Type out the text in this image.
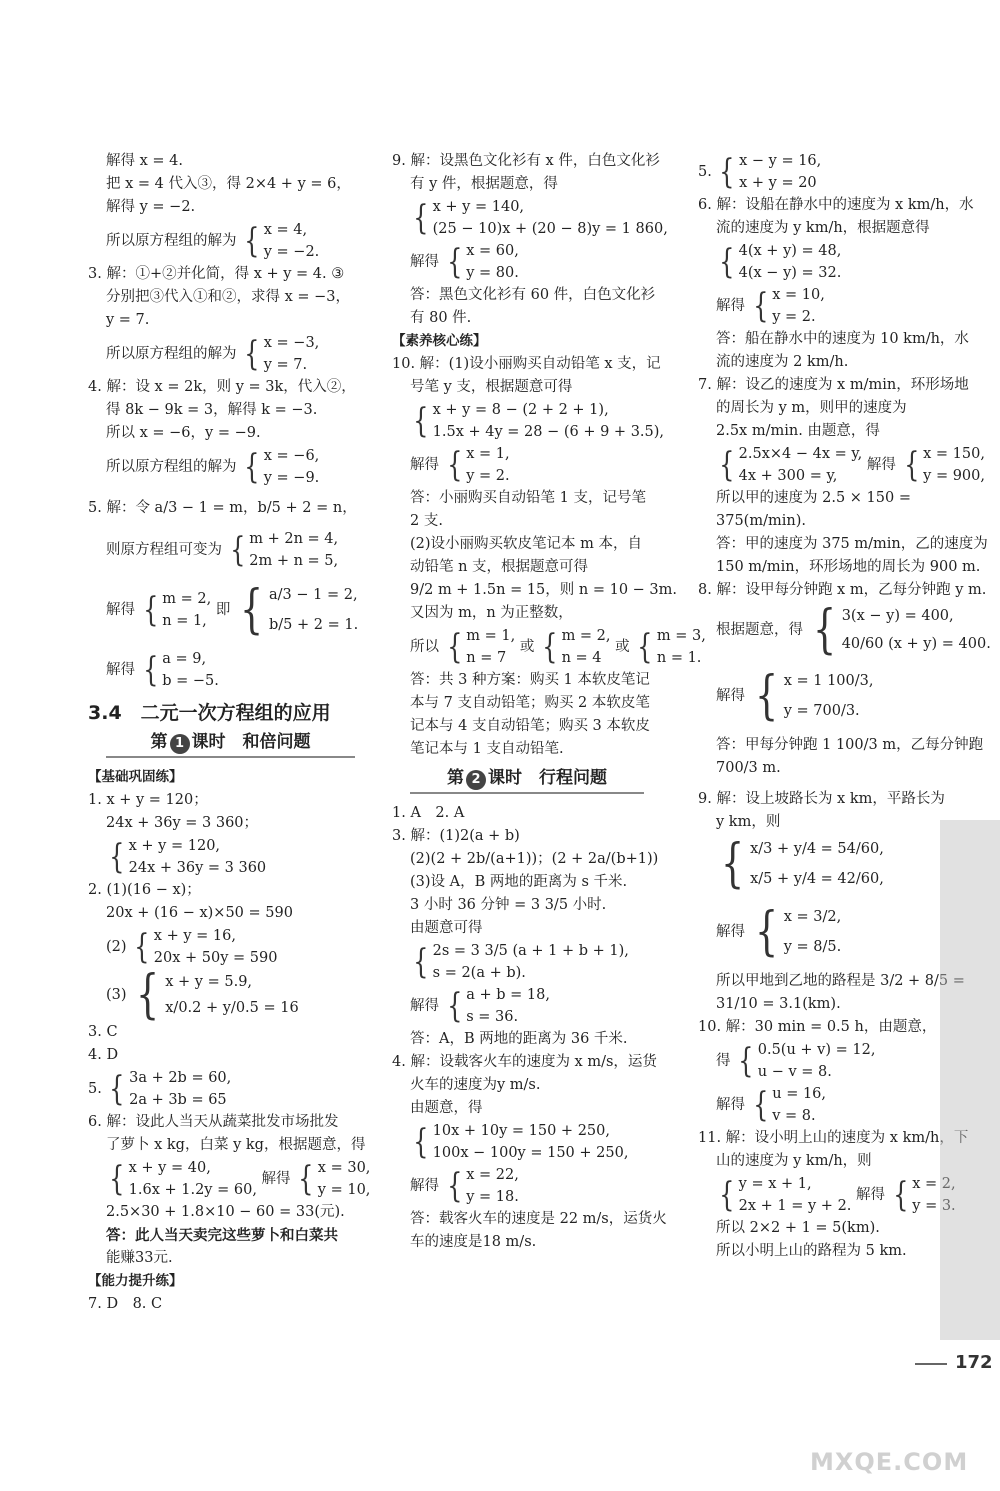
解得 x = 4.
把 x = 4 代入③，得 2×4 + y = 6，
解得 y = −2.
所以原方程组的解为 { x = 4,
y = −2.
3. 解：①+②并化简，得 x + y = 4. ③
分别把③代入①和②，求得 x = −3，
y = 7.
所以原方程组的解为 { x = −3,
y = 7.
4. 解：设 x = 2k，则 y = 3k，代入②，
得 8k − 9k = 3，解得 k = −3.
所以 x = −6，y = −9.
所以原方程组的解为 { x = −6,
y = −9.
5. 解：令 a/3 − 1 = m，b/5 + 2 = n，
则原方程组可变为 { m + 2n = 4,
2m + n = 5,
解得 { m = 2,
n = 1,
即 { a/3 − 1 = 2,
b/5 + 2 = 1.
解得 { a = 9,
b = −5.
3.4　二元一次方程组的应用
第 1 课时　和倍问题
【基础巩固练】
1. x + y = 120；
24x + 36y = 3 360；
{ x + y = 120,
24x + 36y = 3 360
2. (1)(16 − x)；
20x + (16 − x)×50 = 590
(2) { x + y = 16,
20x + 50y = 590
(3) { x + y = 5.9,
x/0.2 + y/0.5 = 16
3. C
4. D
5. { 3a + 2b = 60,
2a + 3b = 65
6. 解：设此人当天从蔬菜批发市场批发
了萝卜 x kg，白菜 y kg，根据题意，得
{ x + y = 40,
1.6x + 1.2y = 60,
解得 { x = 30,
y = 10,
2.5×30 + 1.8×10 − 60 = 33(元).
答：此人当天卖完这些萝卜和白菜共
能赚33元.
【能力提升练】
7. D　8. C
9. 解：设黑色文化衫有 x 件，白色文化衫
有 y 件，根据题意，得
{ x + y = 140,
(25 − 10)x + (20 − 8)y = 1 860,
解得 { x = 60,
y = 80.
答：黑色文化衫有 60 件，白色文化衫
有 80 件.
【素养核心练】
10. 解：(1)设小丽购买自动铅笔 x 支，记
号笔 y 支，根据题意可得
{ x + y = 8 − (2 + 2 + 1),
1.5x + 4y = 28 − (6 + 9 + 3.5),
解得 { x = 1,
y = 2.
答：小丽购买自动铅笔 1 支，记号笔
2 支.
(2)设小丽购买软皮笔记本 m 本，自
动铅笔 n 支，根据题意可得
9/2 m + 1.5n = 15，则 n = 10 − 3m.
又因为 m，n 为正整数，
所以 { m = 1,
n = 7
或 { m = 2,
n = 4
或 { m = 3,
n = 1.
答：共 3 种方案：购买 1 本软皮笔记
本与 7 支自动铅笔；购买 2 本软皮笔
记本与 4 支自动铅笔；购买 3 本软皮
笔记本与 1 支自动铅笔.
第 2 课时　行程问题
1. A　2. A
3. 解：(1)2(a + b)
(2)(2 + 2b/(a+1))；(2 + 2a/(b+1))
(3)设 A，B 两地的距离为 s 千米.
3 小时 36 分钟 = 3 3/5 小时.
由题意可得
{ 2s = 3 3/5 (a + 1 + b + 1),
s = 2(a + b).
解得 { a + b = 18,
s = 36.
答：A，B 两地的距离为 36 千米.
4. 解：设载客火车的速度为 x m/s，运货
火车的速度为y m/s.
由题意，得
{ 10x + 10y = 150 + 250,
100x − 100y = 150 + 250,
解得 { x = 22,
y = 18.
答：载客火车的速度是 22 m/s，运货火
车的速度是18 m/s.
5. { x − y = 16,
x + y = 20
6. 解：设船在静水中的速度为 x km/h，水
流的速度为 y km/h，根据题意得
{ 4(x + y) = 48,
4(x − y) = 32.
解得 { x = 10,
y = 2.
答：船在静水中的速度为 10 km/h，水
流的速度为 2 km/h.
7. 解：设乙的速度为 x m/min，环形场地
的周长为 y m，则甲的速度为
2.5x m/min. 由题意，得
{ 2.5x×4 − 4x = y,
4x + 300 = y,
解得 { x = 150,
y = 900,
所以甲的速度为 2.5 × 150 =
375(m/min).
答：甲的速度为 375 m/min，乙的速度为
150 m/min，环形场地的周长为 900 m.
8. 解：设甲每分钟跑 x m，乙每分钟跑 y m.
根据题意，得 { 3(x − y) = 400,
40/60 (x + y) = 400.
解得 { x = 1 100/3,
y = 700/3.
答：甲每分钟跑 1 100/3 m，乙每分钟跑
700/3 m.
9. 解：设上坡路长为 x km，平路长为
y km，则
{ x/3 + y/4 = 54/60,
x/5 + y/4 = 42/60,
解得 { x = 3/2,
y = 8/5.
所以甲地到乙地的路程是 3/2 + 8/5 =
31/10 = 3.1(km).
10. 解：30 min = 0.5 h，由题意，
得 { 0.5(u + v) = 12,
u − v = 8.
解得 { u = 16,
v = 8.
11. 解：设小明上山的速度为 x km/h，下
山的速度为 y km/h，则
{ y = x + 1,
2x + 1 = y + 2.
解得 { x = 2,
y = 3.
所以 2×2 + 1 = 5(km).
所以小明上山的路程为 5 km.
172
MXQE.COM
